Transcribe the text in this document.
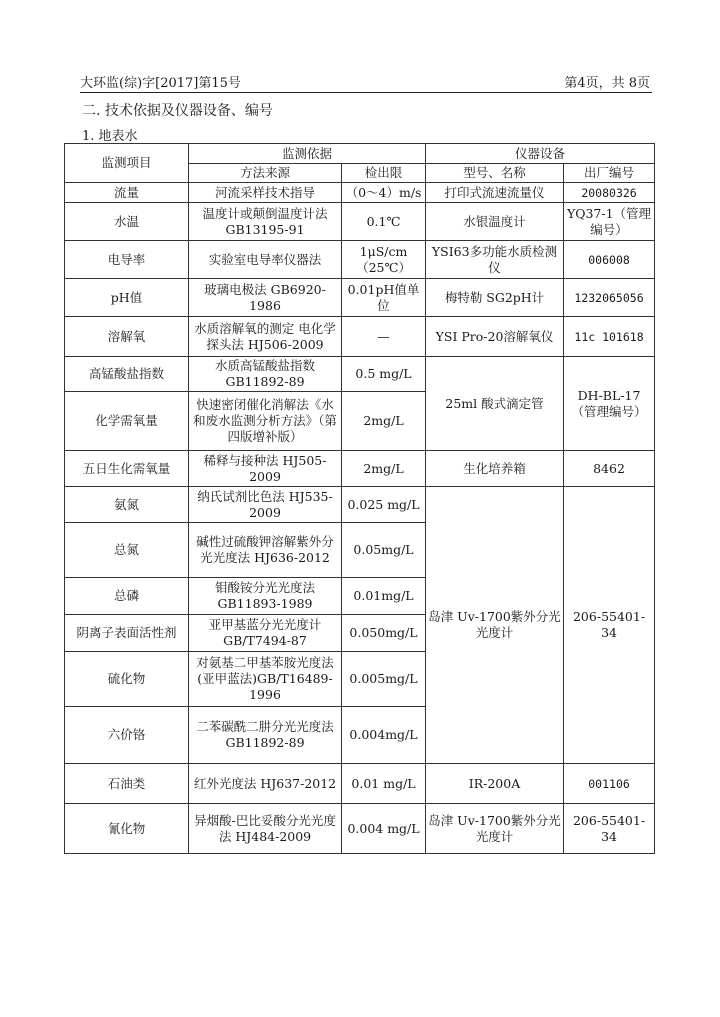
大环监(综)字[2017]第15号	第4页，共 8页
二. 技术依据及仪器设备、编号
1. 地表水
监测项目	监测依据		仪器设备	
	方法来源	检出限	型号、名称	出厂编号
流量	河流采样技术指导	（0～4）m/s	打印式流速流量仪	20080326
水温	温度计或颠倒温度计法 GB13195-91	0.1℃	水银温度计	YQ37-1（管理编号）
电导率	实验室电导率仪器法	1μS/cm（25℃）	YSI63多功能水质检测仪	006008
pH值	玻璃电极法 GB6920-1986	0.01pH值单位	梅特勒 SG2pH计	1232065056
溶解氧	水质溶解氧的测定 电化学探头法 HJ506-2009	—	YSI Pro-20溶解氧仪	11c 101618
高锰酸盐指数	水质高锰酸盐指数 GB11892-89	0.5 mg/L	25ml 酸式滴定管	DH-BL-17（管理编号）
化学需氧量	快速密闭催化消解法《水和废水监测分析方法》（第四版增补版）	2mg/L		
五日生化需氧量	稀释与接种法 HJ505-2009	2mg/L	生化培养箱	8462
氨氮	纳氏试剂比色法 HJ535-2009	0.025 mg/L	岛津 Uv-1700紫外分光光度计	206-55401-34
总氮	碱性过硫酸钾溶解紫外分光光度法 HJ636-2012	0.05mg/L		
总磷	钼酸铵分光光度法 GB11893-1989	0.01mg/L		
阴离子表面活性剂	亚甲基蓝分光光度计 GB/T7494-87	0.050mg/L		
硫化物	对氨基二甲基苯胺光度法(亚甲蓝法)GB/T16489-1996	0.005mg/L		
六价铬	二苯碳酰二肼分光光度法 GB11892-89	0.004mg/L		
石油类	红外光度法 HJ637-2012	0.01 mg/L	IR-200A	001106
氰化物	异烟酸-巴比妥酸分光光度法 HJ484-2009	0.004 mg/L	岛津 Uv-1700紫外分光光度计	206-55401-34
